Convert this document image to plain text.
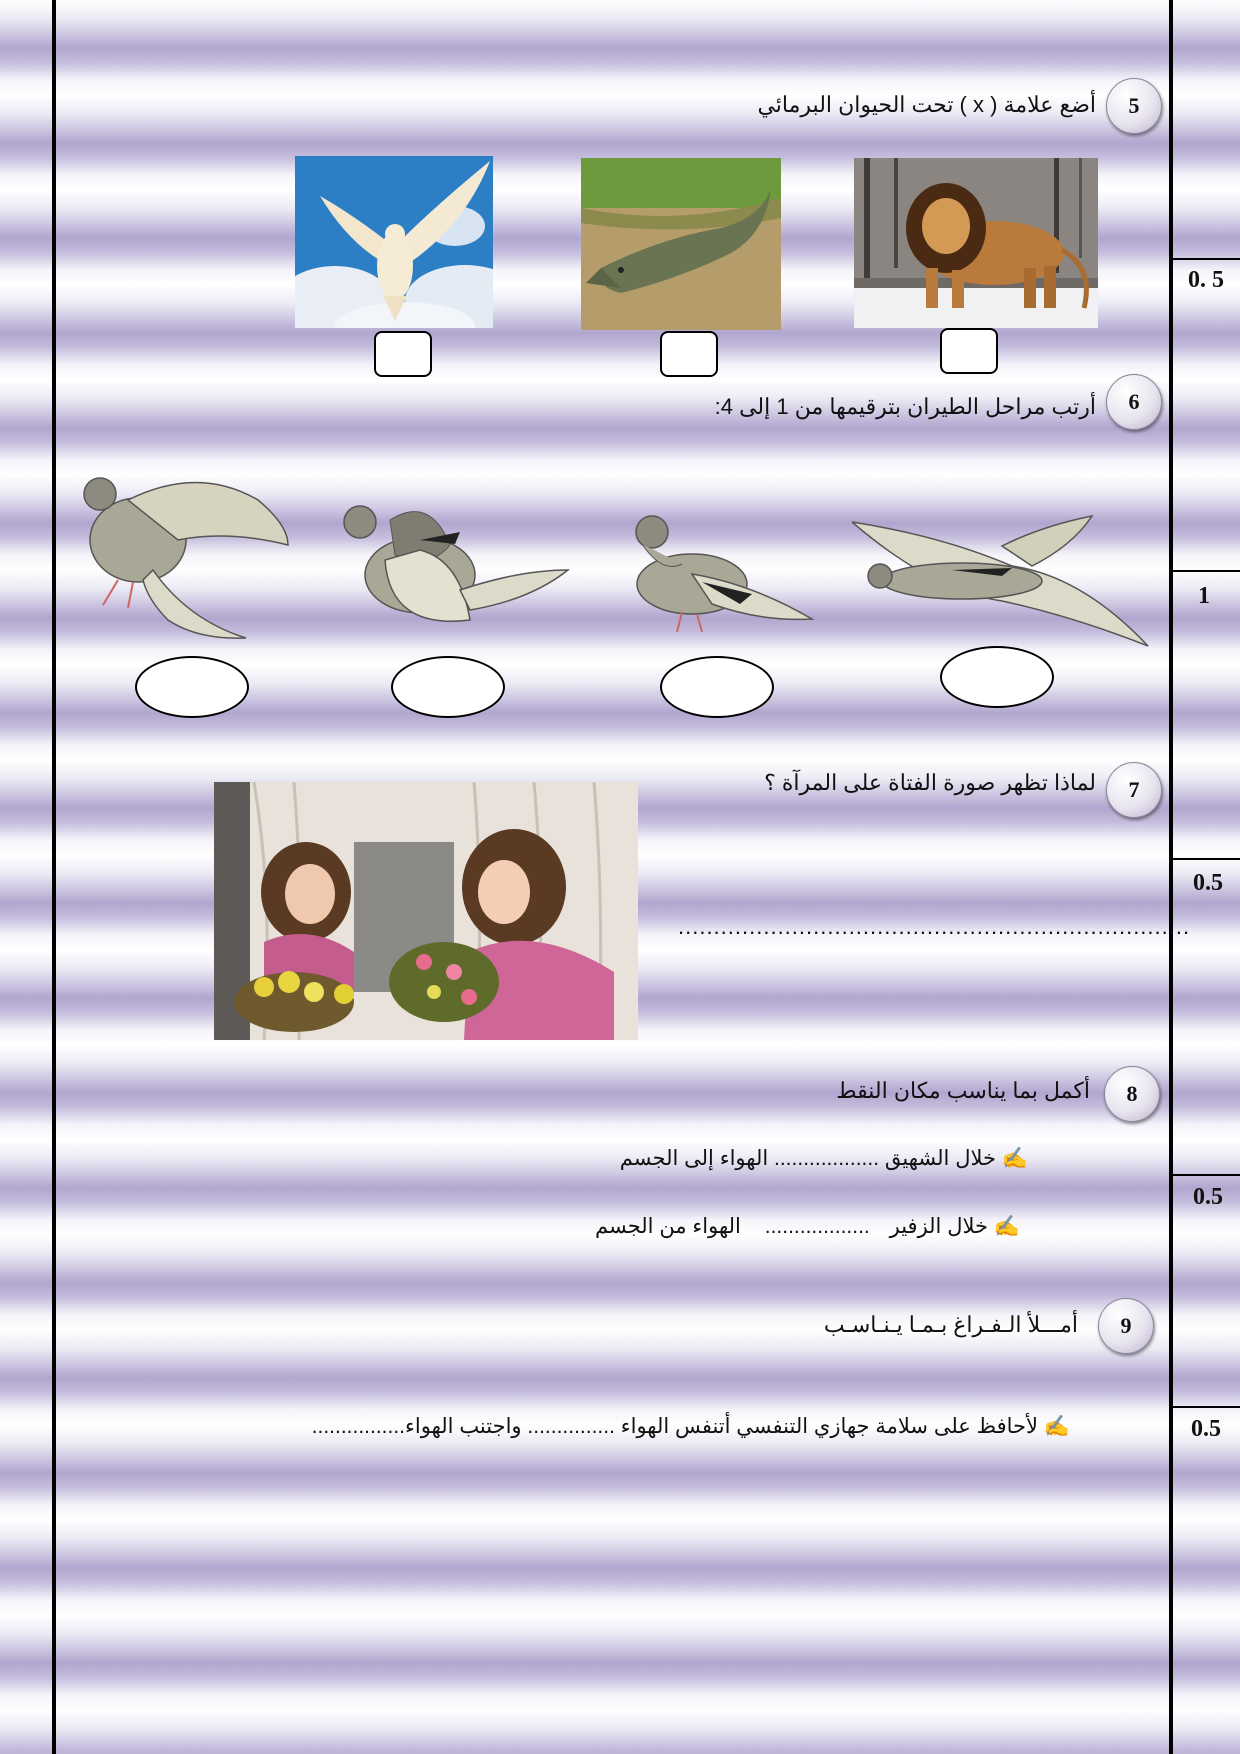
0. 5
1
0.5
0.5
0.5
5
أضع علامة ( x ) تحت الحيوان البرمائي
6
أرتب مراحل الطيران بترقيمها من 1 إلى 4:
7
لماذا تظهر صورة الفتاة على المرآة ؟
........................................................................
8
أكمل بما يناسب مكان النقط
✍ خلال الشهيق .................. الهواء إلى الجسم
✍ خلال الزفير .................. الهواء من الجسم
9
أمـــلأ الـفـراغ بـمـا يـنـاسـب
✍ لأحافظ على سلامة جهازي التنفسي أتنفس الهواء ............... واجتنب الهواء................
